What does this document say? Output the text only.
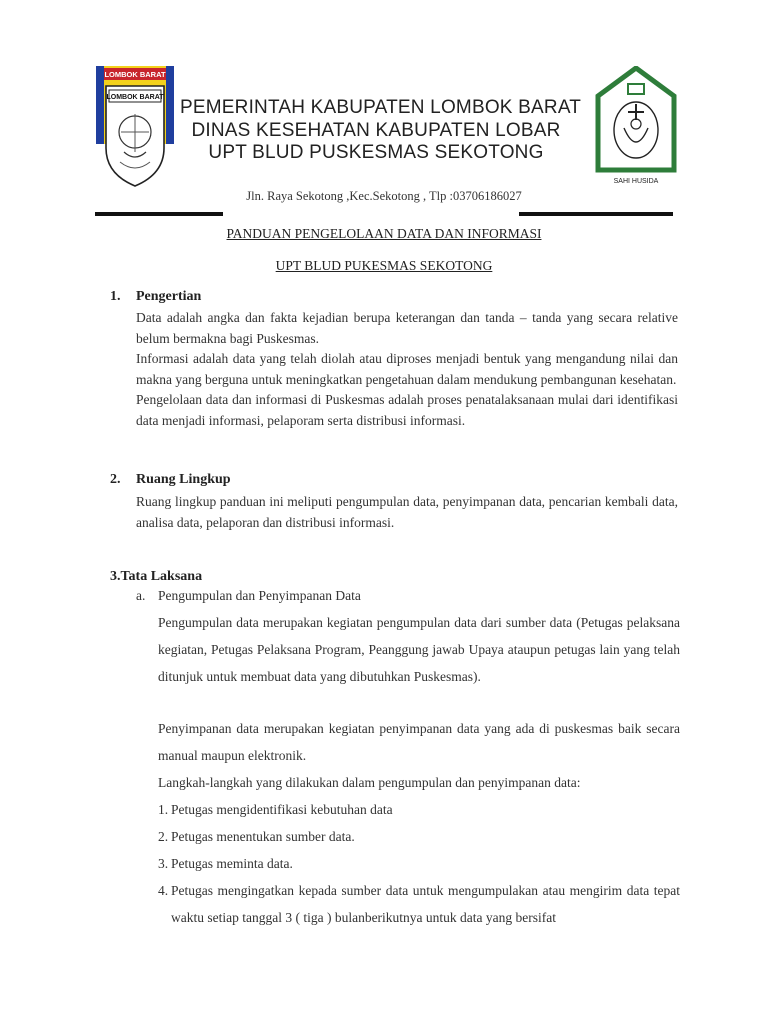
LOMBOK BARAT
LOMBOK BARAT PEMERINTAH KABUPATEN LOMBOK BARAT
DINAS KESEHATAN KABUPATEN LOBAR
UPT BLUD PUSKESMAS SEKOTONG
SAHI HUSIDA
Jln. Raya Sekotong ,Kec.Sekotong , Tlp :03706186027
PANDUAN PENGELOLAAN DATA DAN INFORMASI
UPT BLUD PUKESMAS SEKOTONG
1. Pengertian

Data adalah angka dan fakta kejadian berupa keterangan dan tanda – tanda yang secara relative belum bermakna bagi Puskesmas.

Informasi adalah data yang telah diolah atau diproses menjadi bentuk yang mengandung nilai dan makna yang berguna untuk meningkatkan pengetahuan dalam mendukung pembangunan kesehatan.

Pengelolaan data dan informasi di Puskesmas adalah proses penatalaksanaan mulai dari identifikasi data menjadi informasi, pelaporam serta distribusi informasi.

2. Ruang Lingkup

Ruang lingkup panduan ini meliputi pengumpulan data, penyimpanan data, pencarian kembali data, analisa data, pelaporan dan distribusi informasi.

3.Tata Laksana
a. Pengumpulan dan Penyimpanan Data

Pengumpulan data merupakan kegiatan pengumpulan data dari sumber data (Petugas pelaksana kegiatan, Petugas Pelaksana Program, Peanggung jawab Upaya ataupun petugas lain yang telah ditunjuk untuk membuat data yang dibutuhkan Puskesmas).

Penyimpanan data merupakan kegiatan penyimpanan data yang ada di puskesmas baik secara manual maupun elektronik.

Langkah-langkah yang dilakukan dalam pengumpulan dan penyimpanan data:
1. Petugas mengidentifikasi kebutuhan data
2. Petugas menentukan sumber data.
3. Petugas meminta data.
4. Petugas mengingatkan kepada sumber data untuk mengumpulakan atau mengirim data tepat waktu setiap tanggal 3 ( tiga ) bulanberikutnya untuk data yang bersifat
